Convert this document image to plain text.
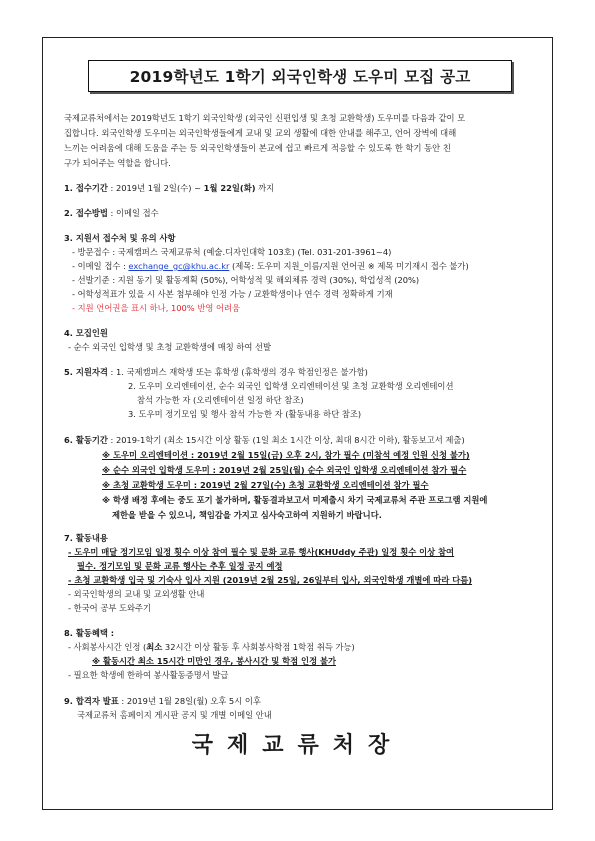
2019학년도 1학기 외국인학생 도우미 모집 공고
국제교류처에서는 2019학년도 1학기 외국인학생 (외국인 신편입생 및 초청 교환학생) 도우미를 다음과 같이 모
집합니다. 외국인학생 도우미는 외국인학생들에게 교내 및 교외 생활에 대한 안내를 해주고, 언어 장벽에 대해
느끼는 어려움에 대해 도움을 주는 등 외국인학생들이 본교에 쉽고 빠르게 적응할 수 있도록 한 학기 동안 친
구가 되어주는 역할을 합니다.
1. 접수기간 : 2019년 1월 2일(수) ~ 1월 22일(화) 까지
2. 접수방법 : 이메일 접수
3. 지원서 접수처 및 유의 사항
- 방문접수 : 국제캠퍼스 국제교류처 (예술.디자인대학 103호) (Tel. 031-201-3961~4)
- 이메일 접수 : exchange_gc@khu.ac.kr (제목: 도우미 지원_이름/지원 언어권 ※ 제목 미기재시 접수 불가)
- 선발기준 : 지원 동기 및 활동계획 (50%), 어학성적 및 해외체류 경력 (30%), 학업성적 (20%)
- 어학성적표가 있을 시 사본 첨부해야 인정 가능 / 교환학생이나 연수 경력 정확하게 기재
- 지원 언어권을 표시 하나, 100% 반영 어려움
4. 모집인원
- 순수 외국인 입학생 및 초청 교환학생에 매칭 하여 선발
5. 지원자격 : 1. 국제캠퍼스 재학생 또는 휴학생 (휴학생의 경우 학점인정은 불가함)
2. 도우미 오리엔테이션, 순수 외국인 입학생 오리엔테이션 및 초청 교환학생 오리엔테이션
참석 가능한 자 (오리엔테이션 일정 하단 참조)
3. 도우미 정기모임 및 행사 참석 가능한 자 (활동내용 하단 참조)
6. 활동기간 : 2019-1학기 (최소 15시간 이상 활동 (1일 최소 1시간 이상, 최대 8시간 이하), 활동보고서 제출)
※ 도우미 오리엔테이션 : 2019년 2월 15일(금) 오후 2시, 참가 필수 (미참석 예정 인원 신청 불가)
※ 순수 외국인 입학생 도우미 : 2019년 2월 25일(월) 순수 외국인 입학생 오리엔테이션 참가 필수
※ 초청 교환학생 도우미 : 2019년 2월 27일(수) 초청 교환학생 오리엔테이션 참가 필수
※ 학생 배정 후에는 중도 포기 불가하며, 활동결과보고서 미제출시 차기 국제교류처 주관 프로그램 지원에
제한을 받을 수 있으니, 책임감을 가지고 심사숙고하여 지원하기 바랍니다.
7. 활동내용
- 도우미 매달 정기모임 일정 횟수 이상 참여 필수 및 문화 교류 행사(KHUddy 주관) 일정 횟수 이상 참여
필수. 정기모임 및 문화 교류 행사는 추후 일정 공지 예정
- 초청 교환학생 입국 및 기숙사 입사 지원 (2019년 2월 25일, 26일부터 입사, 외국인학생 개별에 따라 다름)
- 외국인학생의 교내 및 교외생활 안내
- 한국어 공부 도와주기
8. 활동혜택 :
- 사회봉사시간 인정 (최소 32시간 이상 활동 후 사회봉사학점 1학점 취득 가능)
※ 활동시간 최소 15시간 미만인 경우, 봉사시간 및 학점 인정 불가
- 필요한 학생에 한하여 봉사활동증명서 발급
9. 합격자 발표 : 2019년 1월 28일(월) 오후 5시 이후
국제교류처 홈페이지 게시판 공지 및 개별 이메일 안내
국제교류처장
